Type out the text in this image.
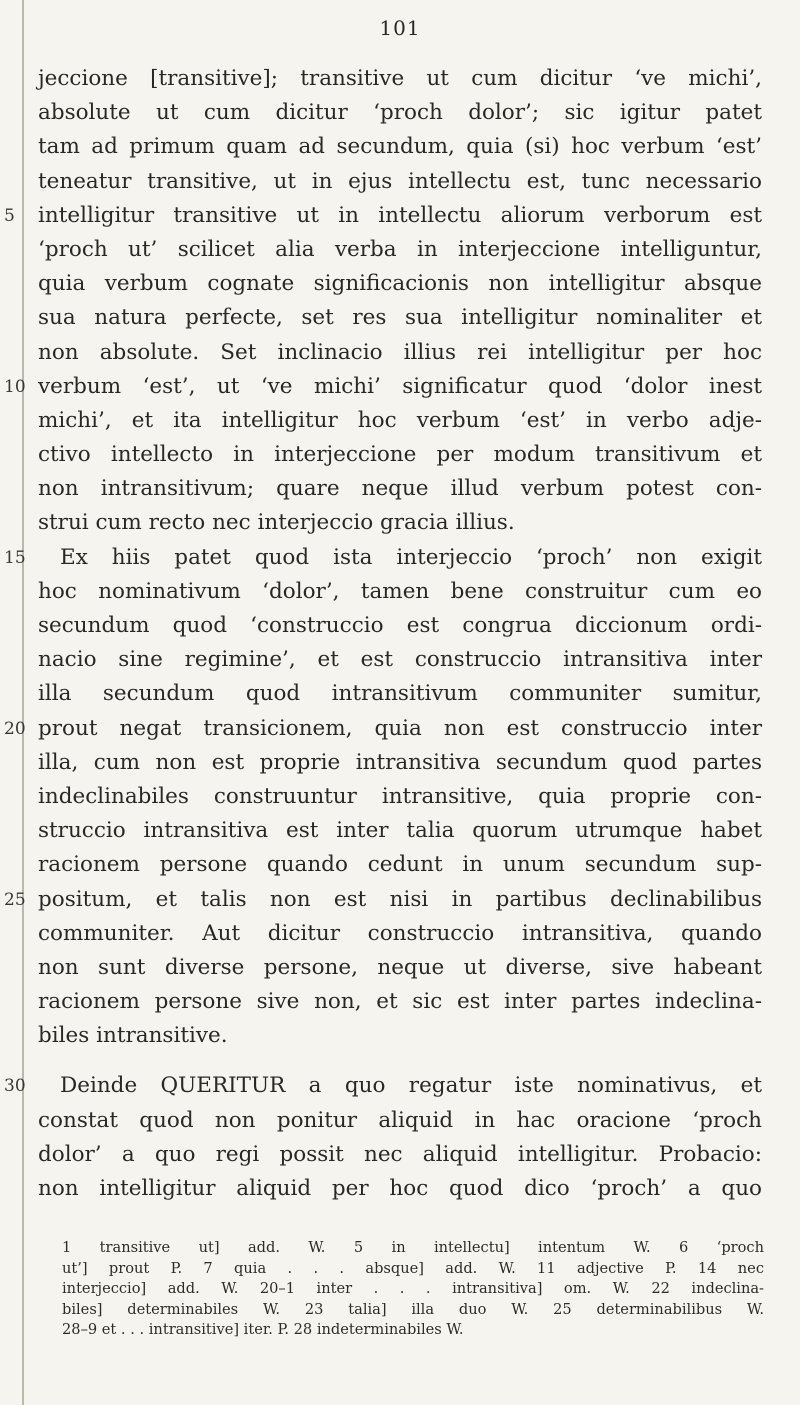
101
jeccione [transitive]; transitive ut cum dicitur ‘ve michi’,
absolute ut cum dicitur ‘proch dolor’; sic igitur patet
tam ad primum quam ad secundum, quia (si) hoc verbum ‘est’
teneatur transitive, ut in ejus intellectu est, tunc necessario
5	intelligitur transitive ut in intellectu aliorum verborum est
‘proch ut’ scilicet alia verba in interjeccione intelliguntur,
quia verbum cognate significacionis non intelligitur absque
sua natura perfecte, set res sua intelligitur nominaliter et
non absolute. Set inclinacio illius rei intelligitur per hoc
10 verbum ‘est’, ut ‘ve michi’ significatur quod ‘dolor inest
michi’, et ita intelligitur hoc verbum ‘est’ in verbo adje-
ctivo intellecto in interjeccione per modum transitivum et
non intransitivum; quare neque illud verbum potest con-
strui cum recto nec interjeccio gracia illius.
15 Ex hiis patet quod ista interjeccio ‘proch’ non exigit
hoc nominativum ‘dolor’, tamen bene construitur cum eo
secundum quod ‘construccio est congrua diccionum ordi-
nacio sine regimine’, et est construccio intransitiva inter
illa secundum quod intransitivum communiter sumitur,
20 prout negat transicionem, quia non est construccio inter
illa, cum non est proprie intransitiva secundum quod partes
indeclinabiles construuntur intransitive, quia proprie con-
struccio intransitiva est inter talia quorum utrumque habet
racionem persone quando cedunt in unum secundum sup-
25 positum, et talis non est nisi in partibus declinabilibus
communiter. Aut dicitur construccio intransitiva, quando
non sunt diverse persone, neque ut diverse, sive habeant
racionem persone sive non, et sic est inter partes indeclina-
biles intransitive.
30 Deinde QUERITUR a quo regatur iste nominativus, et
constat quod non ponitur aliquid in hac oracione ‘proch
dolor’ a quo regi possit nec aliquid intelligitur. Probacio:
non intelligitur aliquid per hoc quod dico ‘proch’ a quo
1 transitive ut] add. W. 5 in intellectu] intentum W. 6 ‘proch
ut’] prout P. 7 quia . . . absque] add. W. 11 adjective P. 14 nec
interjeccio] add. W. 20–1 inter . . . intransitiva] om. W. 22 indeclina-
biles] determinabiles W. 23 talia] illa duo W. 25 determinabilibus W.
28–9 et . . . intransitive] iter. P. 28 indeterminabiles W.
